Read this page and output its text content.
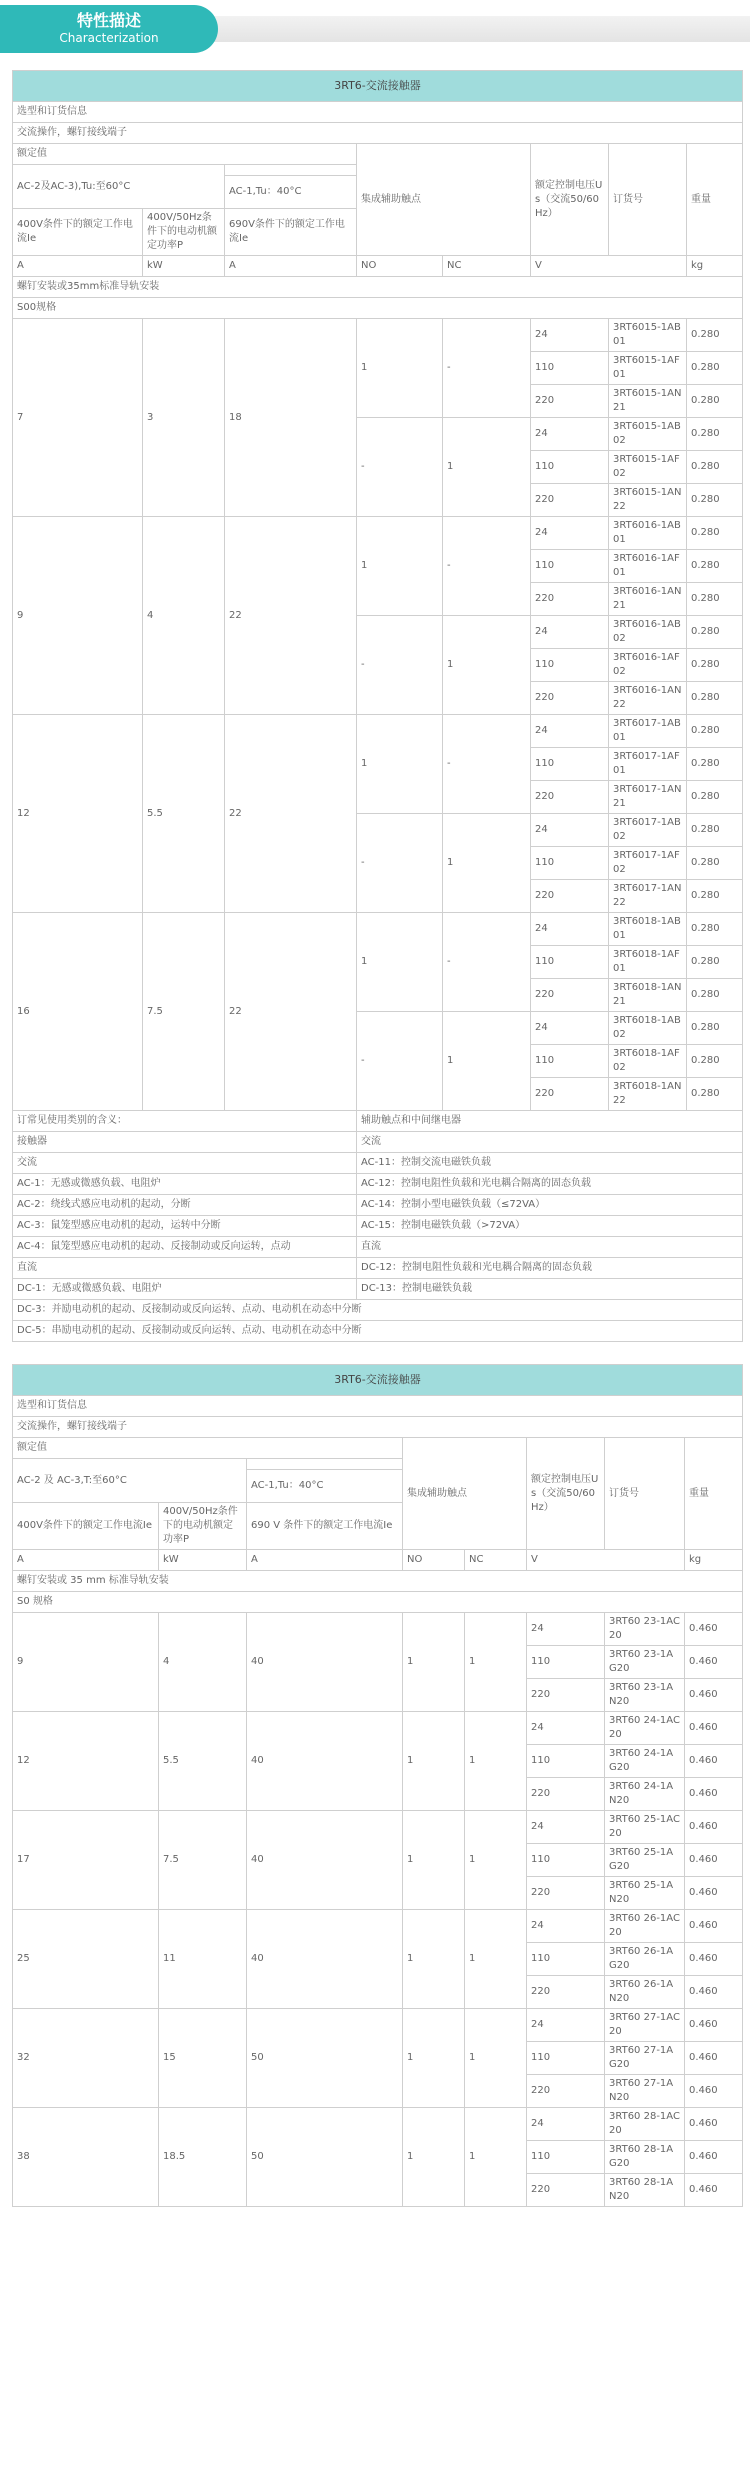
特性描述
Characterization
3RT6-交流接触器
选型和订货信息
交流操作，螺钉接线端子
额定值	集成辅助触点	额定控制电压Us（交流50/60Hz）	订货号	重量
AC-2及AC-3),Tu:至60°C	AC-1,Tu：40°C
400V条件下的额定工作电流Ie	400V/50Hz条件下的电动机额定功率P	690V条件下的额定工作电流Ie
A	kW	A	NO	NC	V	kg
螺钉安装或35mm标准导轨安装
S00规格
7	3	18	1	-	24	3RT6015-1AB01	0.280
110	3RT6015-1AF01	0.280
220	3RT6015-1AN21	0.280
-	1	24	3RT6015-1AB02	0.280
110	3RT6015-1AF02	0.280
220	3RT6015-1AN22	0.280
9	4	22	1	-	24	3RT6016-1AB01	0.280
110	3RT6016-1AF01	0.280
220	3RT6016-1AN21	0.280
-	1	24	3RT6016-1AB02	0.280
110	3RT6016-1AF02	0.280
220	3RT6016-1AN22	0.280
12	5.5	22	1	-	24	3RT6017-1AB01	0.280
110	3RT6017-1AF01	0.280
220	3RT6017-1AN21	0.280
-	1	24	3RT6017-1AB02	0.280
110	3RT6017-1AF02	0.280
220	3RT6017-1AN22	0.280
16	7.5	22	1	-	24	3RT6018-1AB01	0.280
110	3RT6018-1AF01	0.280
220	3RT6018-1AN21	0.280
-	1	24	3RT6018-1AB02	0.280
110	3RT6018-1AF02	0.280
220	3RT6018-1AN22	0.280
订常见使用类别的含义：	辅助触点和中间继电器
接触器	交流
交流	AC-11：控制交流电磁铁负载
AC-1：无感或微感负载、电阻炉	AC-12：控制电阻性负载和光电耦合隔离的固态负载
AC-2：绕线式感应电动机的起动，分断	AC-14：控制小型电磁铁负载（≤72VA）
AC-3：鼠笼型感应电动机的起动，运转中分断	AC-15：控制电磁铁负载（>72VA）
AC-4：鼠笼型感应电动机的起动、反接制动或反向运转，点动	直流
直流	DC-12：控制电阻性负载和光电耦合隔离的固态负载
DC-1：无感或微感负载、电阻炉	DC-13：控制电磁铁负载
DC-3：并励电动机的起动、反接制动或反向运转、点动、电动机在动态中分断
DC-5：串励电动机的起动、反接制动或反向运转、点动、电动机在动态中分断
3RT6-交流接触器
选型和订货信息
交流操作，螺钉接线端子
额定值	集成辅助触点	额定控制电压Us（交流50/60 Hz）	订货号	重量
AC-2 及 AC-3,T:至60°C	AC-1,Tu：40°C
400V条件下的额定工作电流Ie	400V/50Hz条件下的电动机额定功率P	690 V 条件下的额定工作电流Ie
A	kW	A	NO	NC	V	kg
螺钉安装或 35 mm 标准导轨安装
S0 规格
9	4	40	1	1	24	3RT60 23-1AC20	0.460
110	3RT60 23-1AG20	0.460
220	3RT60 23-1AN20	0.460
12	5.5	40	1	1	24	3RT60 24-1AC20	0.460
110	3RT60 24-1AG20	0.460
220	3RT60 24-1AN20	0.460
17	7.5	40	1	1	24	3RT60 25-1AC20	0.460
110	3RT60 25-1AG20	0.460
220	3RT60 25-1AN20	0.460
25	11	40	1	1	24	3RT60 26-1AC20	0.460
110	3RT60 26-1AG20	0.460
220	3RT60 26-1AN20	0.460
32	15	50	1	1	24	3RT60 27-1AC20	0.460
110	3RT60 27-1AG20	0.460
220	3RT60 27-1AN20	0.460
38	18.5	50	1	1	24	3RT60 28-1AC20	0.460
110	3RT60 28-1AG20	0.460
220	3RT60 28-1AN20	0.460
